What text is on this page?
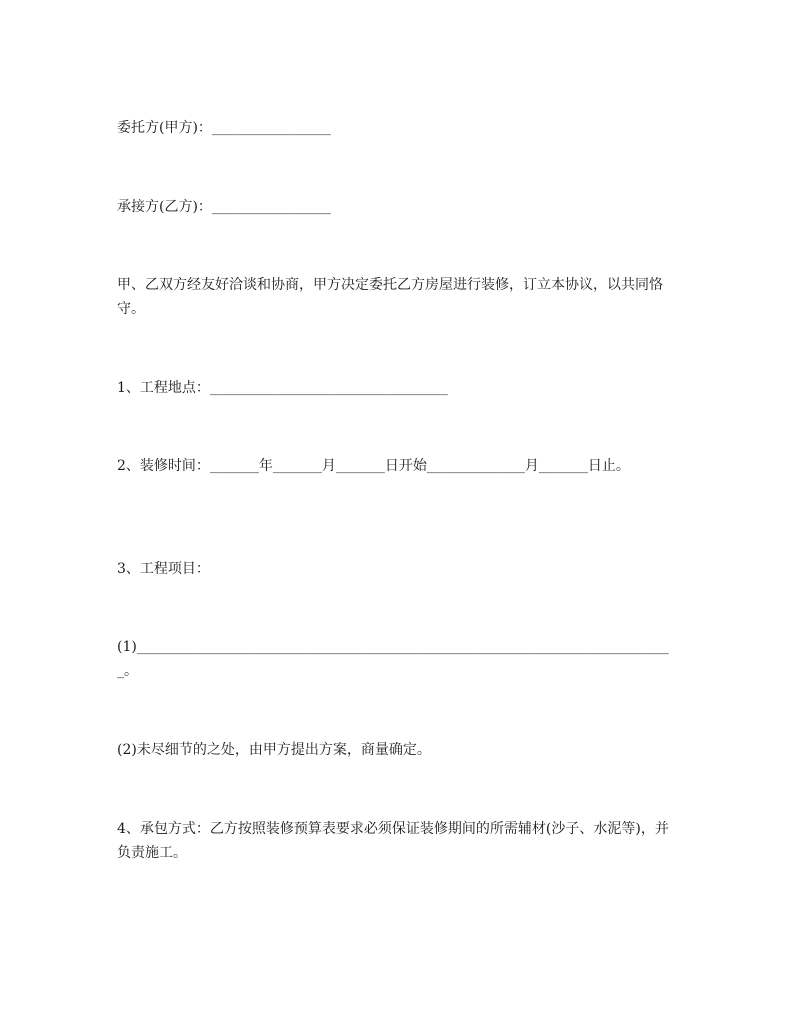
委托方(甲方)：_________________

承接方(乙方)：_________________

甲、乙双方经友好洽谈和协商，甲方决定委托乙方房屋进行装修，订立本协议，以共同恪守。

1、工程地点：__________________________________

2、装修时间：_______年_______月_______日开始______________月_______日止。

3、工程项目：

(1)_____________________________________________________________________________。

(2)未尽细节的之处，由甲方提出方案，商量确定。

4、承包方式：乙方按照装修预算表要求必须保证装修期间的所需辅材(沙子、水泥等)，并负责施工。
